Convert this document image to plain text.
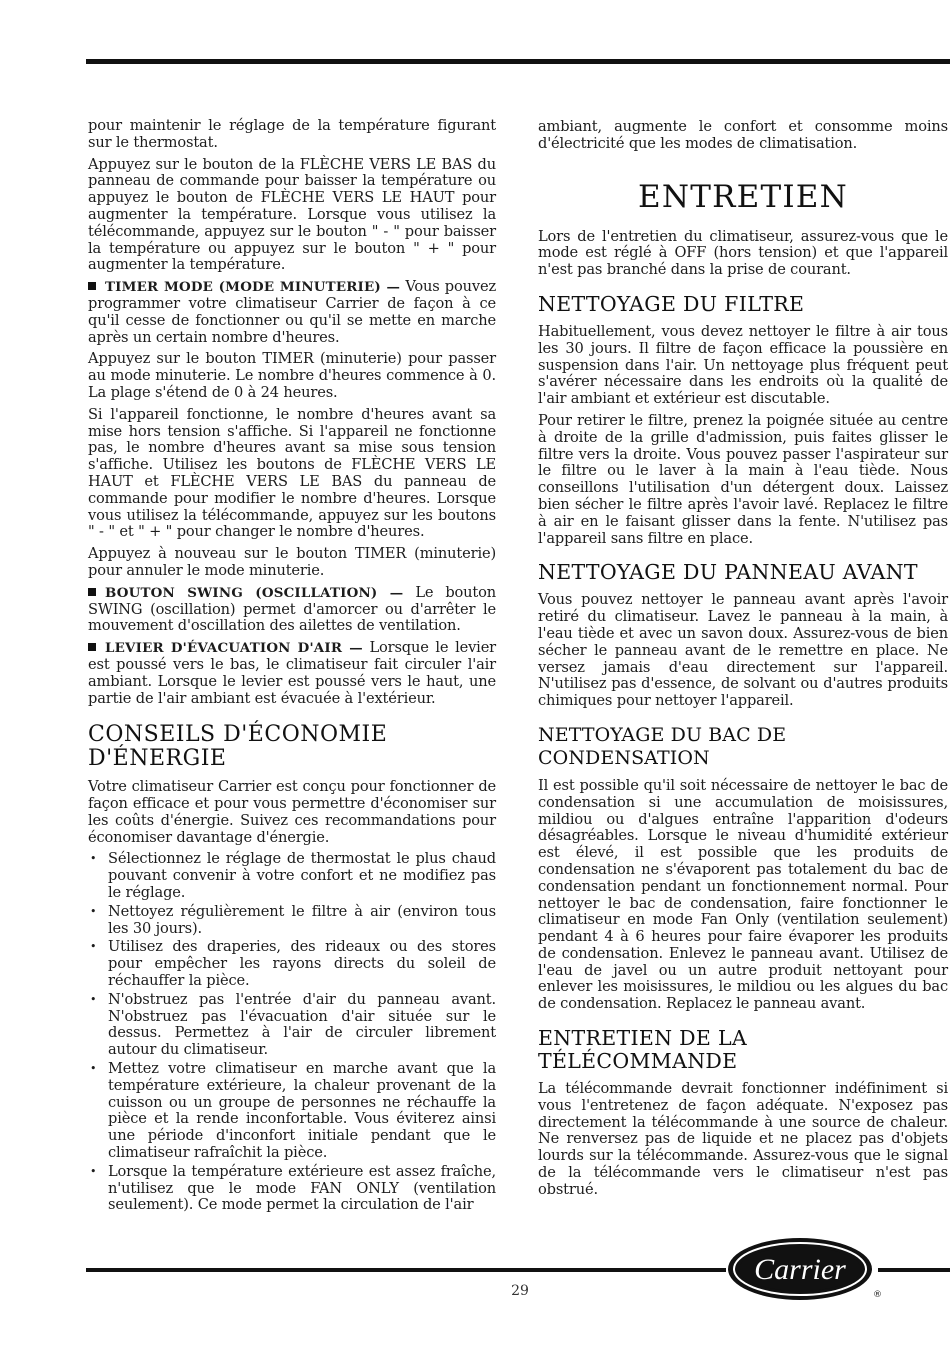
pour maintenir le réglage de la température figurant sur le thermostat.

Appuyez sur le bouton de la FLÈCHE VERS LE BAS du panneau de commande pour baisser la température ou appuyez le bouton de FLÈCHE VERS LE HAUT pour augmenter la température. Lorsque vous utilisez la télécommande, appuyez sur le bouton " - " pour baisser la température ou appuyez sur le bouton " + " pour augmenter la température.

TIMER MODE (MODE MINUTERIE) — Vous pouvez programmer votre climatiseur Carrier de façon à ce qu'il cesse de fonctionner ou qu'il se mette en marche après un certain nombre d'heures.

Appuyez sur le bouton TIMER (minuterie) pour passer au mode minuterie. Le nombre d'heures commence à 0. La plage s'étend de 0 à 24 heures.

Si l'appareil fonctionne, le nombre d'heures avant sa mise hors tension s'affiche. Si l'appareil ne fonctionne pas, le nombre d'heures avant sa mise sous tension s'affiche. Utilisez les boutons de FLÈCHE VERS LE HAUT et FLÈCHE VERS LE BAS du panneau de commande pour modifier le nombre d'heures. Lorsque vous utilisez la télécommande, appuyez sur les boutons " - " et " + " pour changer le nombre d'heures.

Appuyez à nouveau sur le bouton TIMER (minuterie) pour annuler le mode minuterie.

BOUTON SWING (OSCILLATION) — Le bouton SWING (oscillation) permet d'amorcer ou d'arrêter le mouvement d'oscillation des ailettes de ventilation.

LEVIER D'ÉVACUATION D'AIR — Lorsque le levier est poussé vers le bas, le climatiseur fait circuler l'air ambiant. Lorsque le levier est poussé vers le haut, une partie de l'air ambiant est évacuée à l'extérieur.

CONSEILS D'ÉCONOMIE D'ÉNERGIE

Votre climatiseur Carrier est conçu pour fonctionner de façon efficace et pour vous permettre d'économiser sur les coûts d'énergie. Suivez ces recommandations pour économiser davantage d'énergie.

• Sélectionnez le réglage de thermostat le plus chaud pouvant convenir à votre confort et ne modifiez pas le réglage.
• Nettoyez régulièrement le filtre à air (environ tous les 30 jours).
• Utilisez des draperies, des rideaux ou des stores pour empêcher les rayons directs du soleil de réchauffer la pièce.
• N'obstruez pas l'entrée d'air du panneau avant. N'obstruez pas l'évacuation d'air située sur le dessus. Permettez à l'air de circuler librement autour du climatiseur.
• Mettez votre climatiseur en marche avant que la température extérieure, la chaleur provenant de la cuisson ou un groupe de personnes ne réchauffe la pièce et la rende inconfortable. Vous éviterez ainsi une période d'inconfort initiale pendant que le climatiseur rafraîchit la pièce.
• Lorsque la température extérieure est assez fraîche, n'utilisez que le mode FAN ONLY (ventilation seulement). Ce mode permet la circulation de l'air

ambiant, augmente le confort et consomme moins d'électricité que les modes de climatisation.

ENTRETIEN

Lors de l'entretien du climatiseur, assurez-vous que le mode est réglé à OFF (hors tension) et que l'appareil n'est pas branché dans la prise de courant.

NETTOYAGE DU FILTRE

Habituellement, vous devez nettoyer le filtre à air tous les 30 jours. Il filtre de façon efficace la poussière en suspension dans l'air. Un nettoyage plus fréquent peut s'avérer nécessaire dans les endroits où la qualité de l'air ambiant et extérieur est discutable.

Pour retirer le filtre, prenez la poignée située au centre à droite de la grille d'admission, puis faites glisser le filtre vers la droite. Vous pouvez passer l'aspirateur sur le filtre ou le laver à la main à l'eau tiède. Nous conseillons l'utilisation d'un détergent doux. Laissez bien sécher le filtre après l'avoir lavé. Replacez le filtre à air en le faisant glisser dans la fente. N'utilisez pas l'appareil sans filtre en place.

NETTOYAGE DU PANNEAU AVANT

Vous pouvez nettoyer le panneau avant après l'avoir retiré du climatiseur. Lavez le panneau à la main, à l'eau tiède et avec un savon doux. Assurez-vous de bien sécher le panneau avant de le remettre en place. Ne versez jamais d'eau directement sur l'appareil. N'utilisez pas d'essence, de solvant ou d'autres produits chimiques pour nettoyer l'appareil.

NETTOYAGE DU BAC DE CONDENSATION

Il est possible qu'il soit nécessaire de nettoyer le bac de condensation si une accumulation de moisissures, mildiou ou d'algues entraîne l'apparition d'odeurs désagréables. Lorsque le niveau d'humidité extérieur est élevé, il est possible que les produits de condensation ne s'évaporent pas totalement du bac de condensation pendant un fonctionnement normal. Pour nettoyer le bac de condensation, faire fonctionner le climatiseur en mode Fan Only (ventilation seulement) pendant 4 à 6 heures pour faire évaporer les produits de condensation. Enlevez le panneau avant. Utilisez de l'eau de javel ou un autre produit nettoyant pour enlever les moisissures, le mildiou ou les algues du bac de condensation. Replacez le panneau avant.

ENTRETIEN DE LA TÉLÉCOMMANDE

La télécommande devrait fonctionner indéfiniment si vous l'entretenez de façon adéquate. N'exposez pas directement la télécommande à une source de chaleur. Ne renversez pas de liquide et ne placez pas d'objets lourds sur la télécommande. Assurez-vous que le signal de la télécommande vers le climatiseur n'est pas obstrué.

Carrier
®
29
